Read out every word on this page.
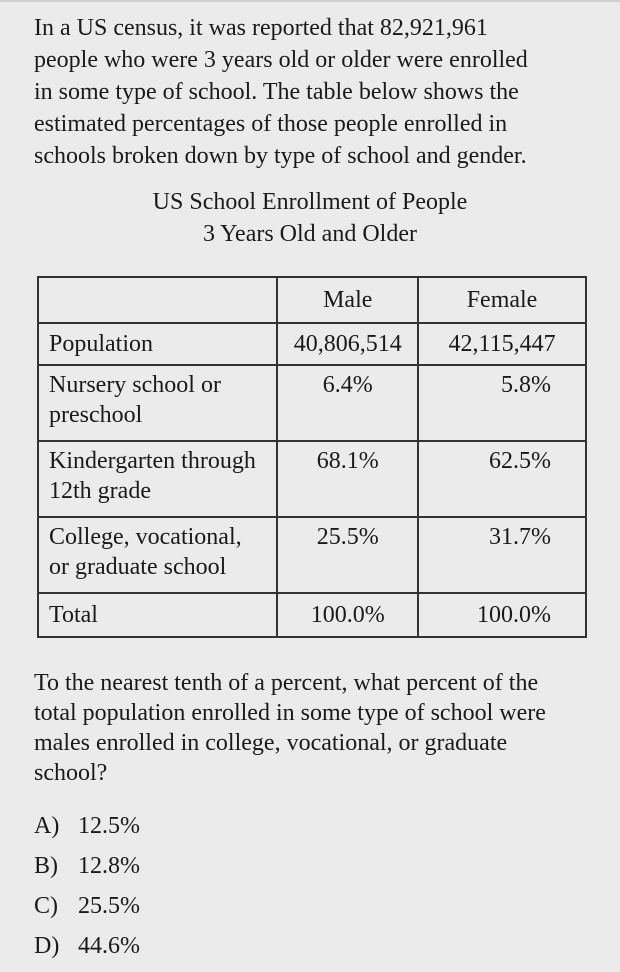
In a US census, it was reported that 82,921,961
people who were 3 years old or older were enrolled
in some type of school. The table below shows the
estimated percentages of those people enrolled in
schools broken down by type of school and gender.
US School Enrollment of People
3 Years Old and Older
	Male	Female
Population	40,806,514	42,115,447

Nursery school or
preschool	6.4%	5.8%

Kindergarten through
12th grade	68.1%	62.5%

College, vocational,
or graduate school	25.5%	31.7%
Total	100.0%	100.0%
To the nearest tenth of a percent, what percent of the
total population enrolled in some type of school were
males enrolled in college, vocational, or graduate
school?
A) 12.5%
B) 12.8%
C) 25.5%
D) 44.6%
